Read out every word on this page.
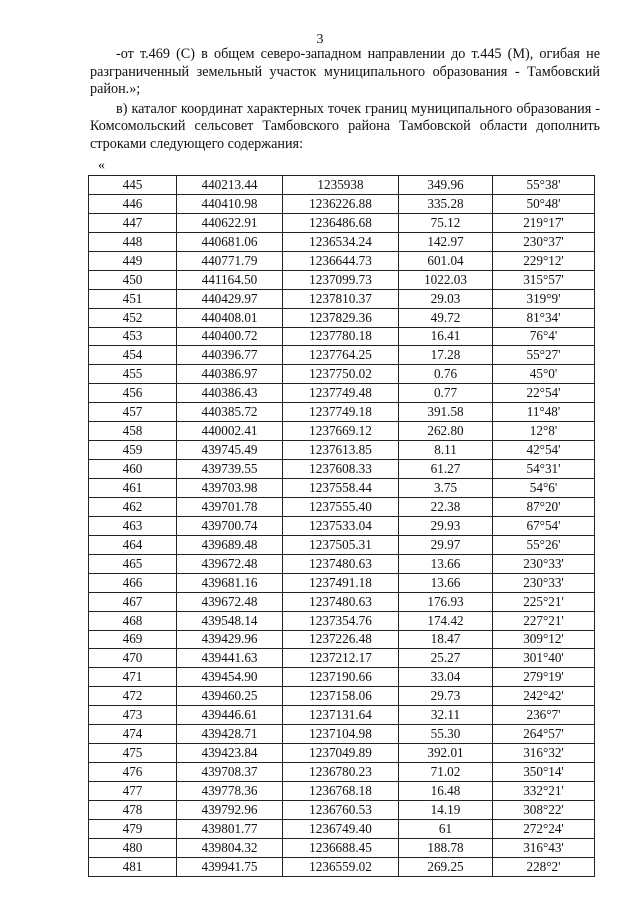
3

-от т.469 (С) в общем северо-западном направлении до т.445 (М), огибая не разграниченный земельный участок муниципального образования - Тамбовский район.»;

в) каталог координат характерных точек границ муниципального образования - Комсомольский сельсовет Тамбовского района Тамбовской области дополнить строками следующего содержания:

«
445	440213.44	1235938	349.96	55°38'
446	440410.98	1236226.88	335.28	50°48'
447	440622.91	1236486.68	75.12	219°17'
448	440681.06	1236534.24	142.97	230°37'
449	440771.79	1236644.73	601.04	229°12'
450	441164.50	1237099.73	1022.03	315°57'
451	440429.97	1237810.37	29.03	319°9'
452	440408.01	1237829.36	49.72	81°34'
453	440400.72	1237780.18	16.41	76°4'
454	440396.77	1237764.25	17.28	55°27'
455	440386.97	1237750.02	0.76	45°0'
456	440386.43	1237749.48	0.77	22°54'
457	440385.72	1237749.18	391.58	11°48'
458	440002.41	1237669.12	262.80	12°8'
459	439745.49	1237613.85	8.11	42°54'
460	439739.55	1237608.33	61.27	54°31'
461	439703.98	1237558.44	3.75	54°6'
462	439701.78	1237555.40	22.38	87°20'
463	439700.74	1237533.04	29.93	67°54'
464	439689.48	1237505.31	29.97	55°26'
465	439672.48	1237480.63	13.66	230°33'
466	439681.16	1237491.18	13.66	230°33'
467	439672.48	1237480.63	176.93	225°21'
468	439548.14	1237354.76	174.42	227°21'
469	439429.96	1237226.48	18.47	309°12'
470	439441.63	1237212.17	25.27	301°40'
471	439454.90	1237190.66	33.04	279°19'
472	439460.25	1237158.06	29.73	242°42'
473	439446.61	1237131.64	32.11	236°7'
474	439428.71	1237104.98	55.30	264°57'
475	439423.84	1237049.89	392.01	316°32'
476	439708.37	1236780.23	71.02	350°14'
477	439778.36	1236768.18	16.48	332°21'
478	439792.96	1236760.53	14.19	308°22'
479	439801.77	1236749.40	61	272°24'
480	439804.32	1236688.45	188.78	316°43'
481	439941.75	1236559.02	269.25	228°2'
